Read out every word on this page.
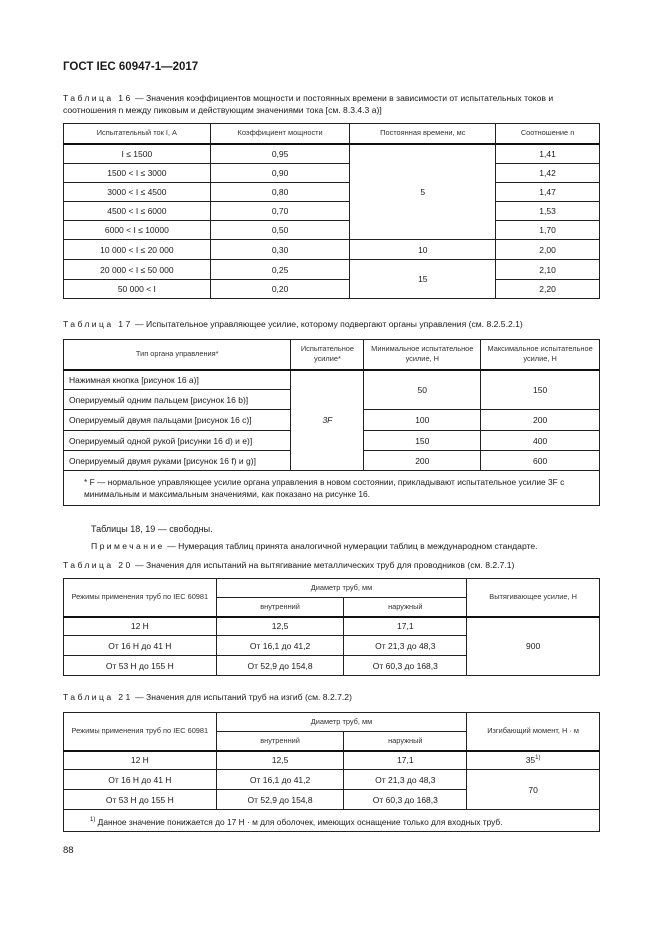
ГОСТ IEC 60947-1—2017
Таблица 16 — Значения коэффициентов мощности и постоянных времени в зависимости от испытательных токов и соотношения n между пиковым и действующим значениями тока [см. 8.3.4.3 a)]
Испытательный ток I, А	Коэффициент мощности	Постоянная времени, мс	Соотношение n
I ≤ 1500	0,95	5	1,41
1500 < I ≤ 3000	0,90		1,42
3000 < I ≤ 4500	0,80		1,47
4500 < I ≤ 6000	0,70		1,53
6000 < I ≤ 10000	0,50		1,70
10 000 < I ≤ 20 000	0,30	10	2,00
20 000 < I ≤ 50 000	0,25	15	2,10
50 000 < I	0,20		2,20
Таблица 17 — Испытательное управляющее усилие, которому подвергают органы управления (см. 8.2.5.2.1)
Тип органа управления*	Испытательное усилие*	Минимальное испытательное усилие, Н	Максимальное испытательное усилие, Н
Нажимная кнопка [рисунок 16 a)]	3F	50	150
Оперируемый одним пальцем [рисунок 16 b)]			
Оперируемый двумя пальцами [рисунок 16 c)]		100	200
Оперируемый одной рукой [рисунки 16 d) и e)]		150	400
Оперируемый двумя руками [рисунок 16 f) и g)]		200	600
* F — нормальное управляющее усилие органа управления в новом состоянии, прикладывают испытательное усилие 3F с минимальным и максимальным значениями, как показано на рисунке 16.			
Таблицы 18, 19 — свободны.
Примечание — Нумерация таблиц принята аналогичной нумерации таблиц в международном стандарте.
Таблица 20 — Значения для испытаний на вытягивание металлических труб для проводников (см. 8.2.7.1)
Режимы применения труб по IEC 60981	Диаметр труб, мм		Вытягивающее усилие, Н
	внутренний	наружный	
12 Н	12,5	17,1	900
От 16 Н до 41 Н	От 16,1 до 41,2	От 21,3 до 48,3	
От 53 Н до 155 Н	От 52,9 до 154,8	От 60,3 до 168,3	
Таблица 21 — Значения для испытаний труб на изгиб (см. 8.2.7.2)
Режимы применения труб по IEC 60981	Диаметр труб, мм		Изгибающий момент, Н · м
	внутренний	наружный	
12 Н	12,5	17,1	35$^{1)}$
От 16 Н до 41 Н	От 16,1 до 41,2	От 21,3 до 48,3	70
От 53 Н до 155 Н	От 52,9 до 154,8	От 60,3 до 168,3	
$^{1)}$ Данное значение понижается до 17 Н · м для оболочек, имеющих оснащение только для входных труб.			
88
